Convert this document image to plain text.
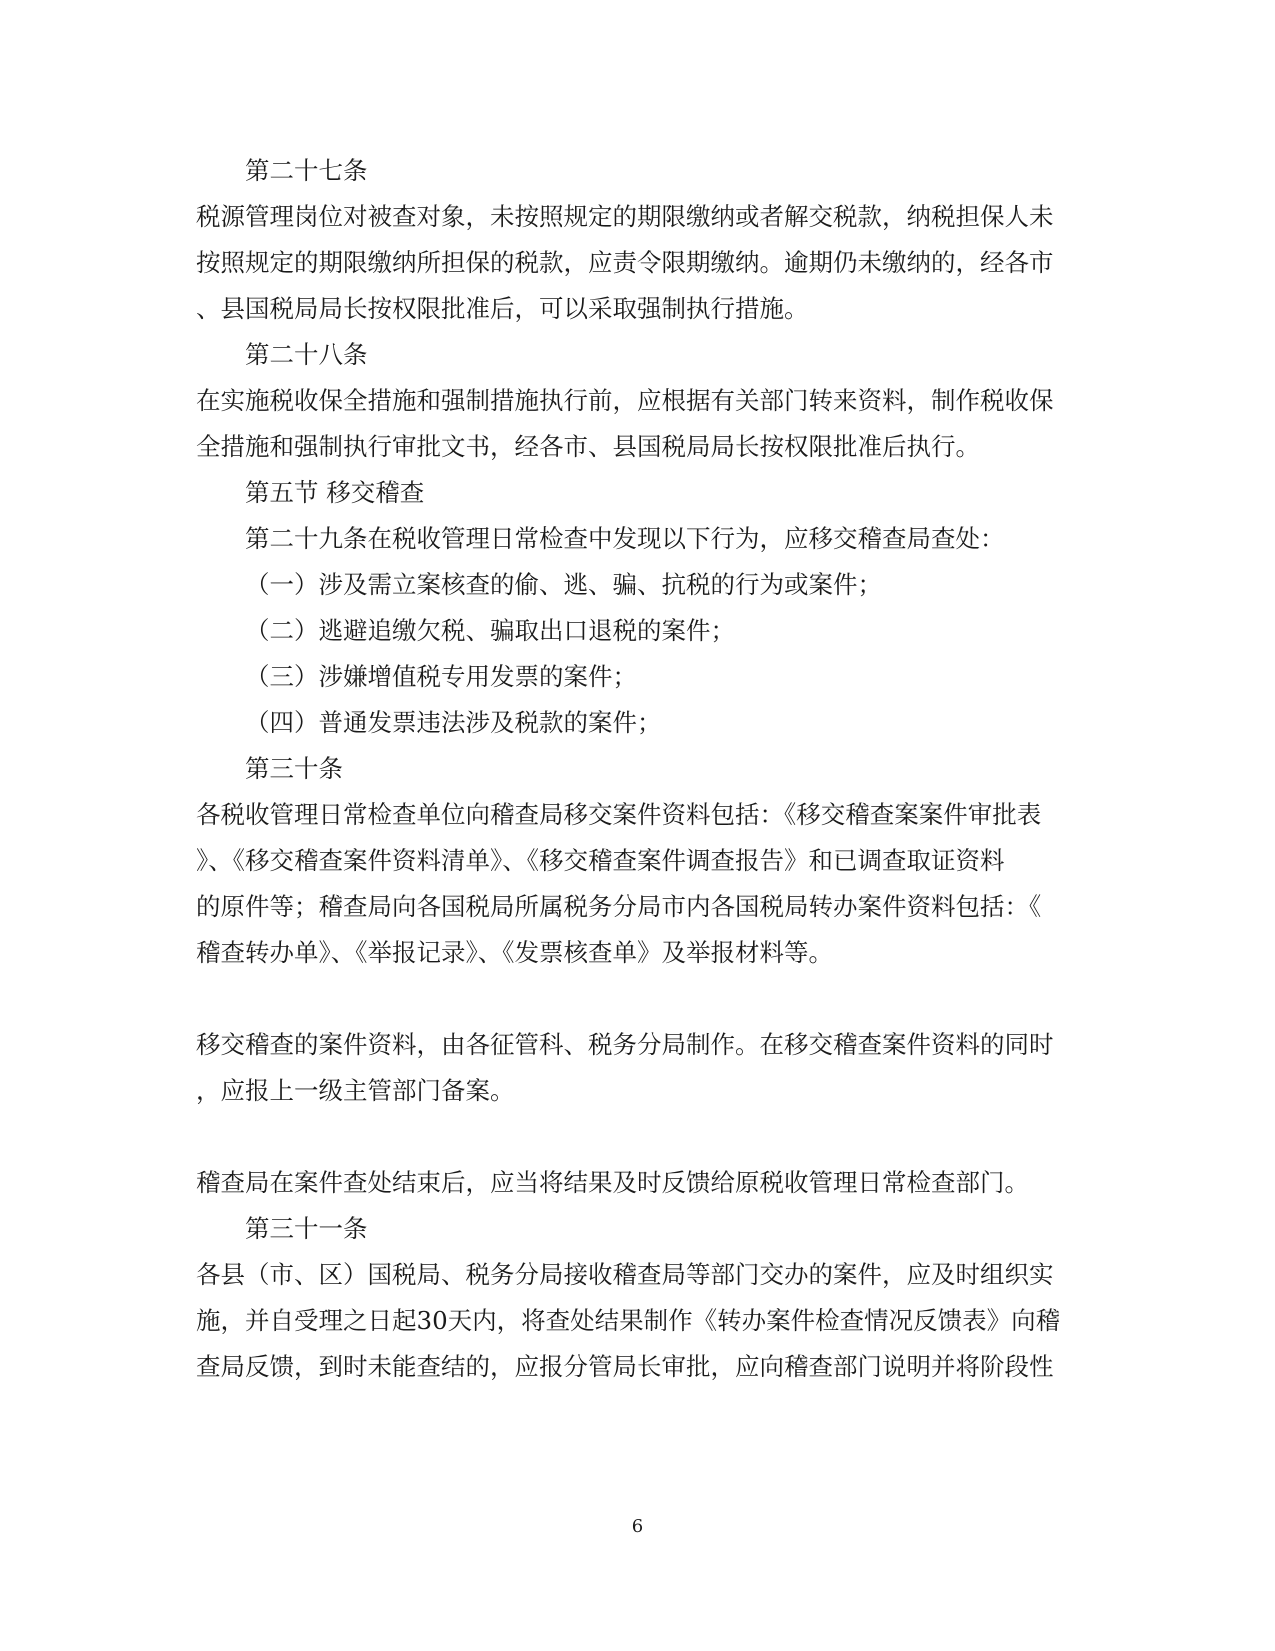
第二十七条
税源管理岗位对被查对象，未按照规定的期限缴纳或者解交税款，纳税担保人未
按照规定的期限缴纳所担保的税款，应责令限期缴纳。逾期仍未缴纳的，经各市
、县国税局局长按权限批准后，可以采取强制执行措施。
第二十八条
在实施税收保全措施和强制措施执行前，应根据有关部门转来资料，制作税收保
全措施和强制执行审批文书，经各市、县国税局局长按权限批准后执行。
第五节 移交稽查
第二十九条在税收管理日常检查中发现以下行为，应移交稽查局查处：
（一）涉及需立案核查的偷、逃、骗、抗税的行为或案件；
（二）逃避追缴欠税、骗取出口退税的案件；
（三）涉嫌增值税专用发票的案件；
（四）普通发票违法涉及税款的案件；
第三十条
各税收管理日常检查单位向稽查局移交案件资料包括：《移交稽查案案件审批表
》、《移交稽查案件资料清单》、《移交稽查案件调查报告》和已调查取证资料
的原件等；稽查局向各国税局所属税务分局市内各国税局转办案件资料包括：《
稽查转办单》、《举报记录》、《发票核查单》及举报材料等。
移交稽查的案件资料，由各征管科、税务分局制作。在移交稽查案件资料的同时
，应报上一级主管部门备案。
稽查局在案件查处结束后，应当将结果及时反馈给原税收管理日常检查部门。
第三十一条
各县（市、区）国税局、税务分局接收稽查局等部门交办的案件，应及时组织实
施，并自受理之日起30天内，将查处结果制作《转办案件检查情况反馈表》向稽
查局反馈，到时未能查结的，应报分管局长审批，应向稽查部门说明并将阶段性
6
